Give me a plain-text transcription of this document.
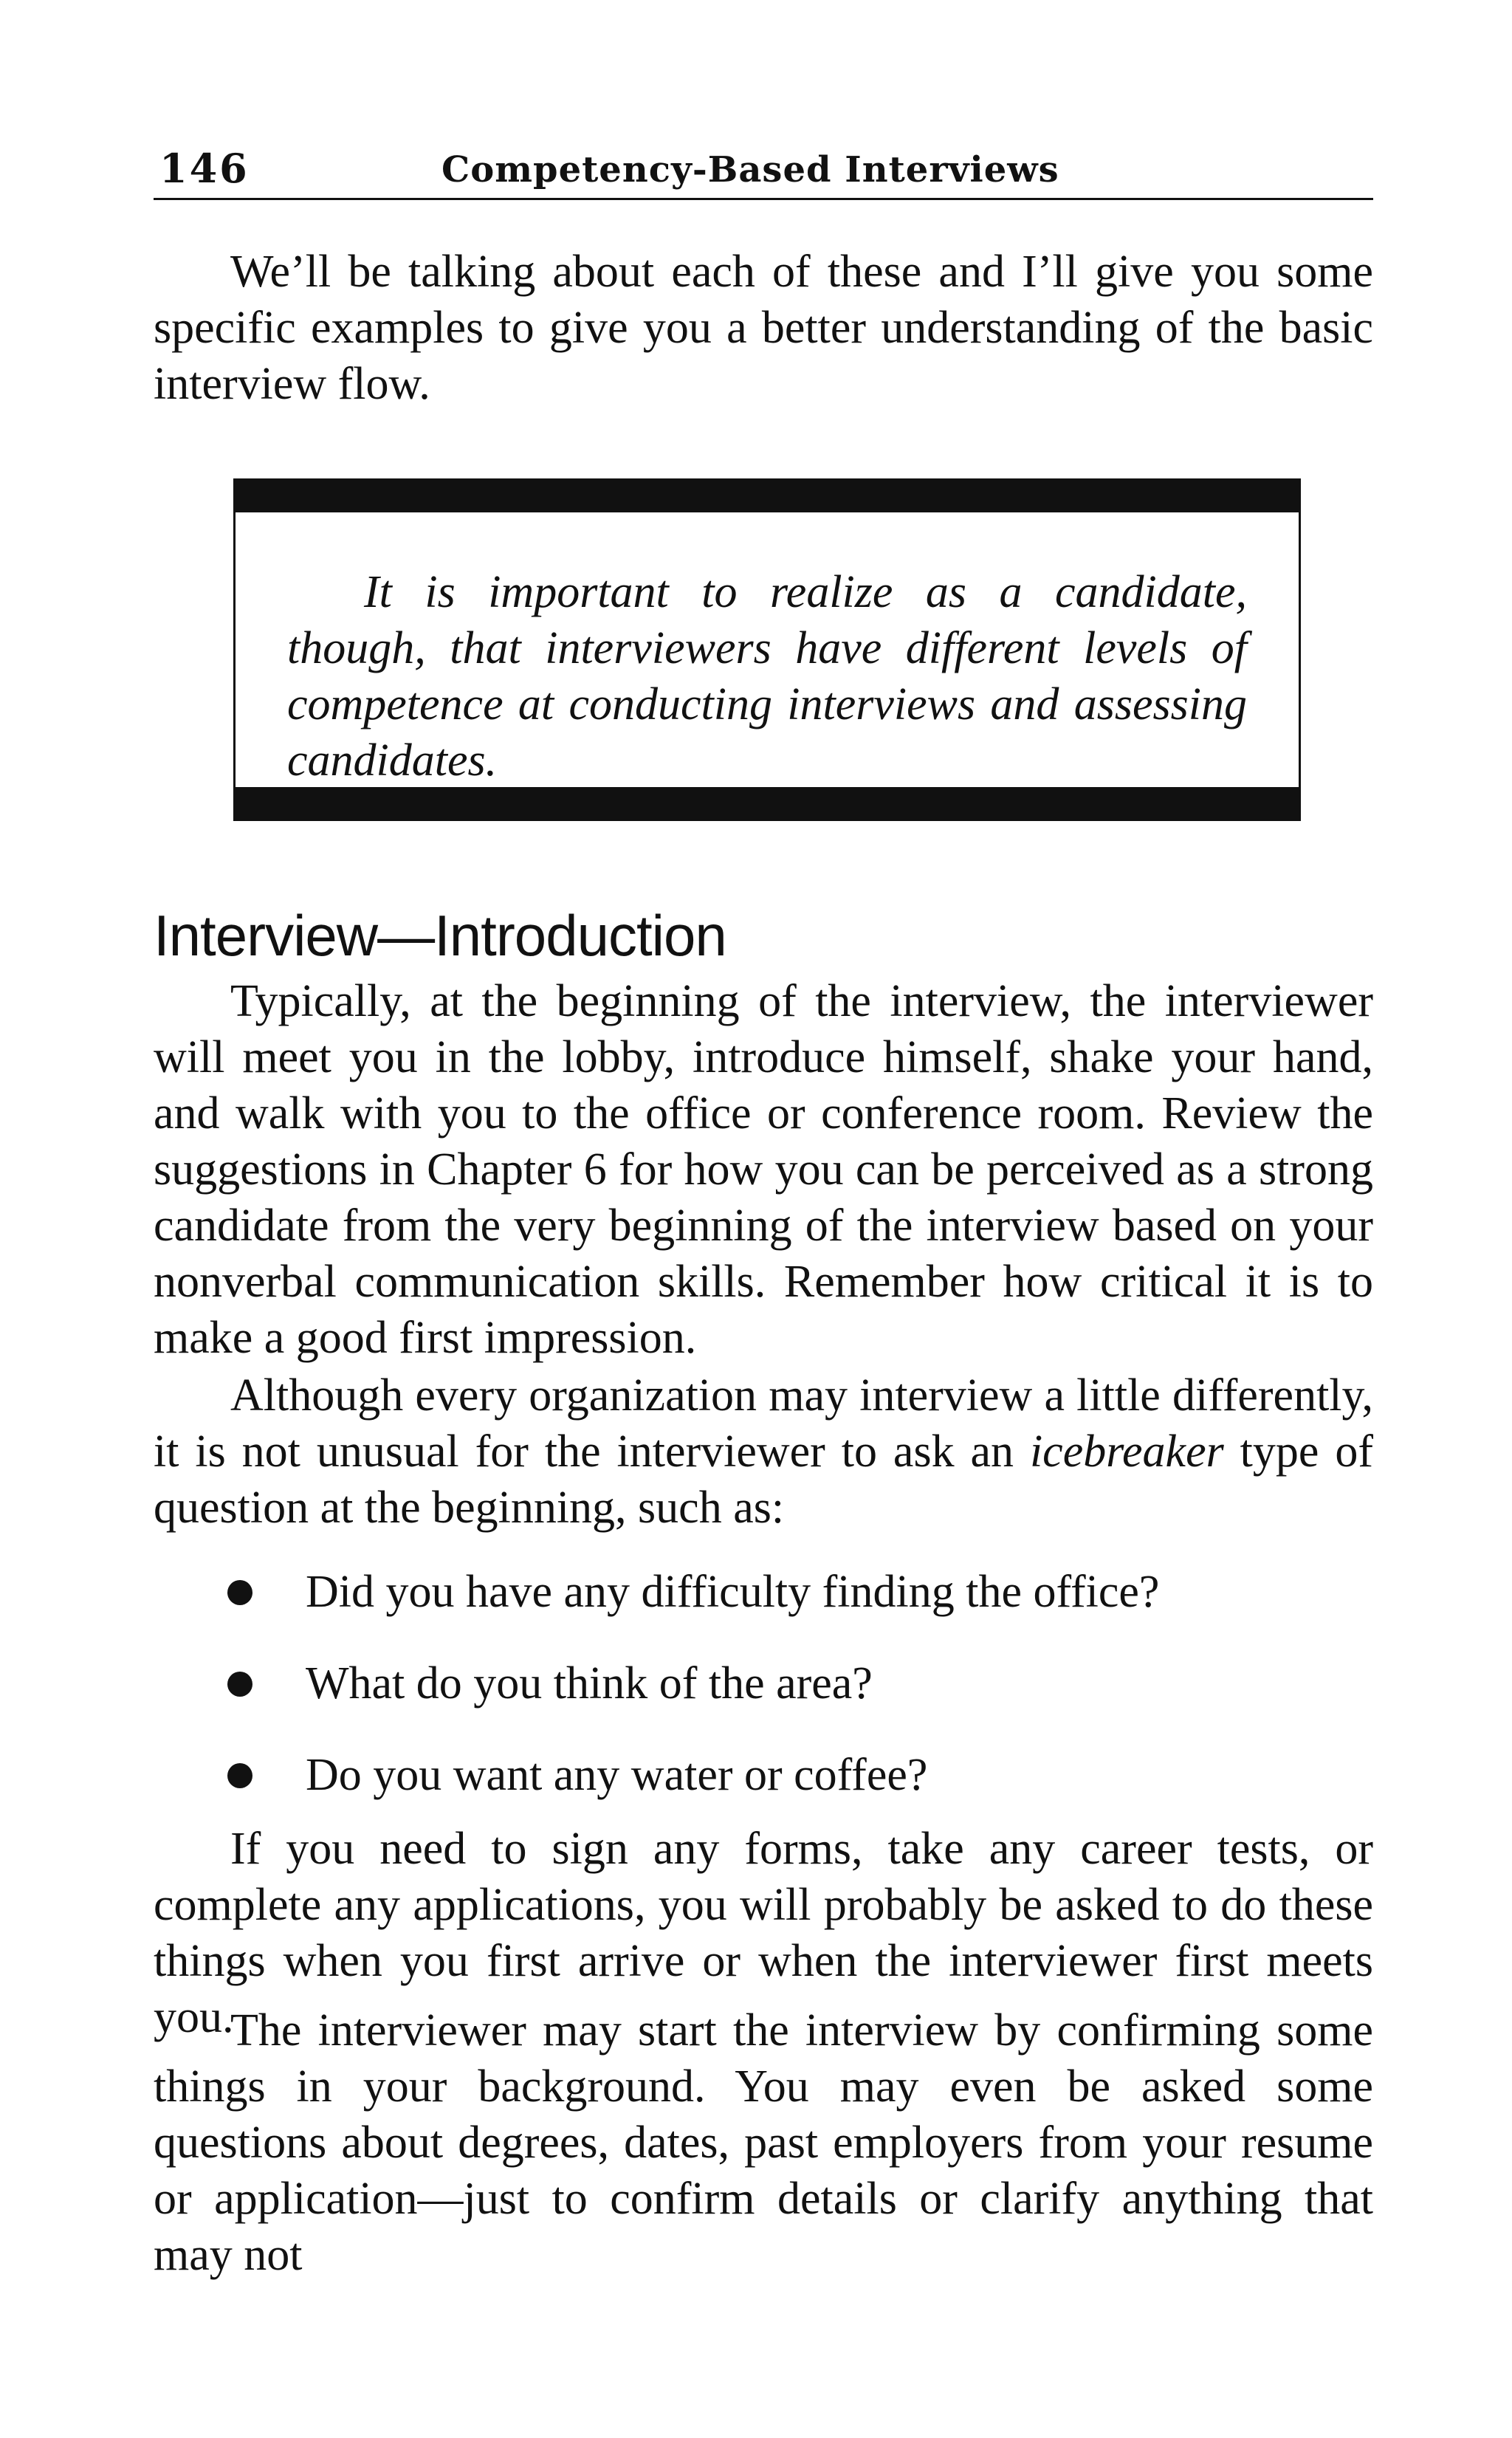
146	Competency-Based Interviews

We’ll be talking about each of these and I’ll give you some specific examples to give you a better understanding of the basic interview flow.

It is important to realize as a candidate, though, that interviewers have different levels of competence at conducting interviews and assessing candidates.

Interview—Introduction

Typically, at the beginning of the interview, the interviewer will meet you in the lobby, introduce himself, shake your hand, and walk with you to the office or conference room. Review the suggestions in Chapter 6 for how you can be perceived as a strong candidate from the very beginning of the interview based on your nonverbal communication skills. Remember how critical it is to make a good first impression.

Although every organization may interview a little differently, it is not unusual for the interviewer to ask an icebreaker type of question at the beginning, such as:

Did you have any difficulty finding the office?
What do you think of the area?
Do you want any water or coffee?

If you need to sign any forms, take any career tests, or complete any applications, you will probably be asked to do these things when you first arrive or when the interviewer first meets you.

The interviewer may start the interview by confirming some things in your background. You may even be asked some questions about degrees, dates, past employers from your resume or application—just to confirm details or clarify anything that may not
